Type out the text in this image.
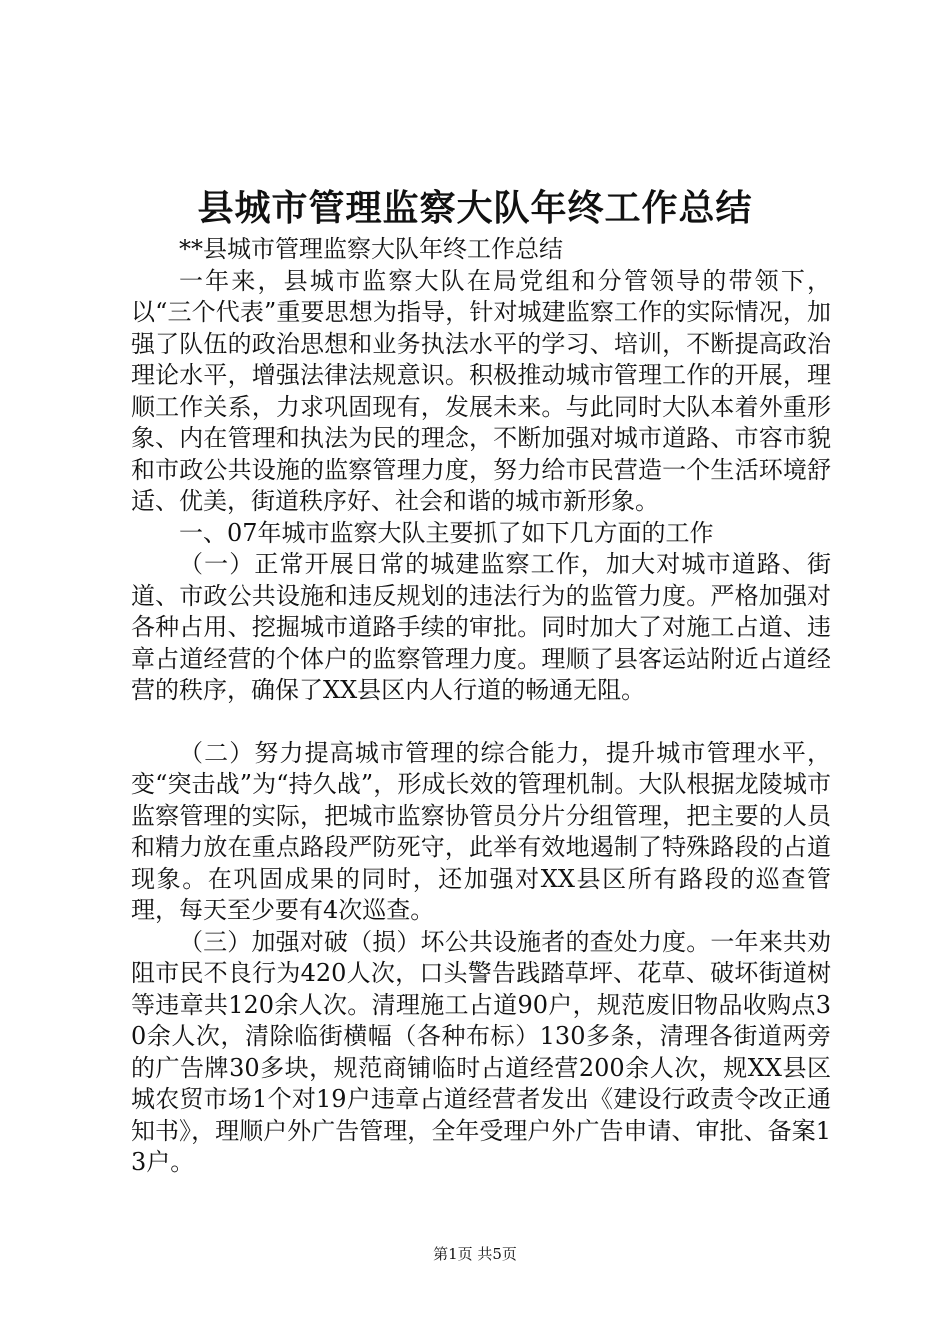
县城市管理监察大队年终工作总结

**县城市管理监察大队年终工作总结

一年来，县城市监察大队在局党组和分管领导的带领下，以“三个代表”重要思想为指导，针对城建监察工作的实际情况，加强了队伍的政治思想和业务执法水平的学习、培训，不断提高政治理论水平，增强法律法规意识。积极推动城市管理工作的开展，理顺工作关系，力求巩固现有，发展未来。与此同时大队本着外重形象、内在管理和执法为民的理念，不断加强对城市道路、市容市貌和市政公共设施的监察管理力度，努力给市民营造一个生活环境舒适、优美，街道秩序好、社会和谐的城市新形象。

一、07年城市监察大队主要抓了如下几方面的工作

（一）正常开展日常的城建监察工作，加大对城市道路、街道、市政公共设施和违反规划的违法行为的监管力度。严格加强对各种占用、挖掘城市道路手续的审批。同时加大了对施工占道、违章占道经营的个体户的监察管理力度。理顺了县客运站附近占道经营的秩序，确保了XX县区内人行道的畅通无阻。

（二）努力提高城市管理的综合能力，提升城市管理水平，变“突击战”为“持久战”，形成长效的管理机制。大队根据龙陵城市监察管理的实际，把城市监察协管员分片分组管理，把主要的人员和精力放在重点路段严防死守，此举有效地遏制了特殊路段的占道现象。在巩固成果的同时，还加强对XX县区所有路段的巡查管理，每天至少要有4次巡查。

（三）加强对破（损）坏公共设施者的查处力度。一年来共劝阻市民不良行为420人次，口头警告践踏草坪、花草、破坏街道树等违章共120余人次。清理施工占道90户，规范废旧物品收购点30余人次，清除临街横幅（各种布标）130多条，清理各街道两旁的广告牌30多块，规范商铺临时占道经营200余人次，规XX县区城农贸市场1个对19户违章占道经营者发出《建设行政责令改正通知书》，理顺户外广告管理，全年受理户外广告申请、审批、备案13户。

第1页 共5页
